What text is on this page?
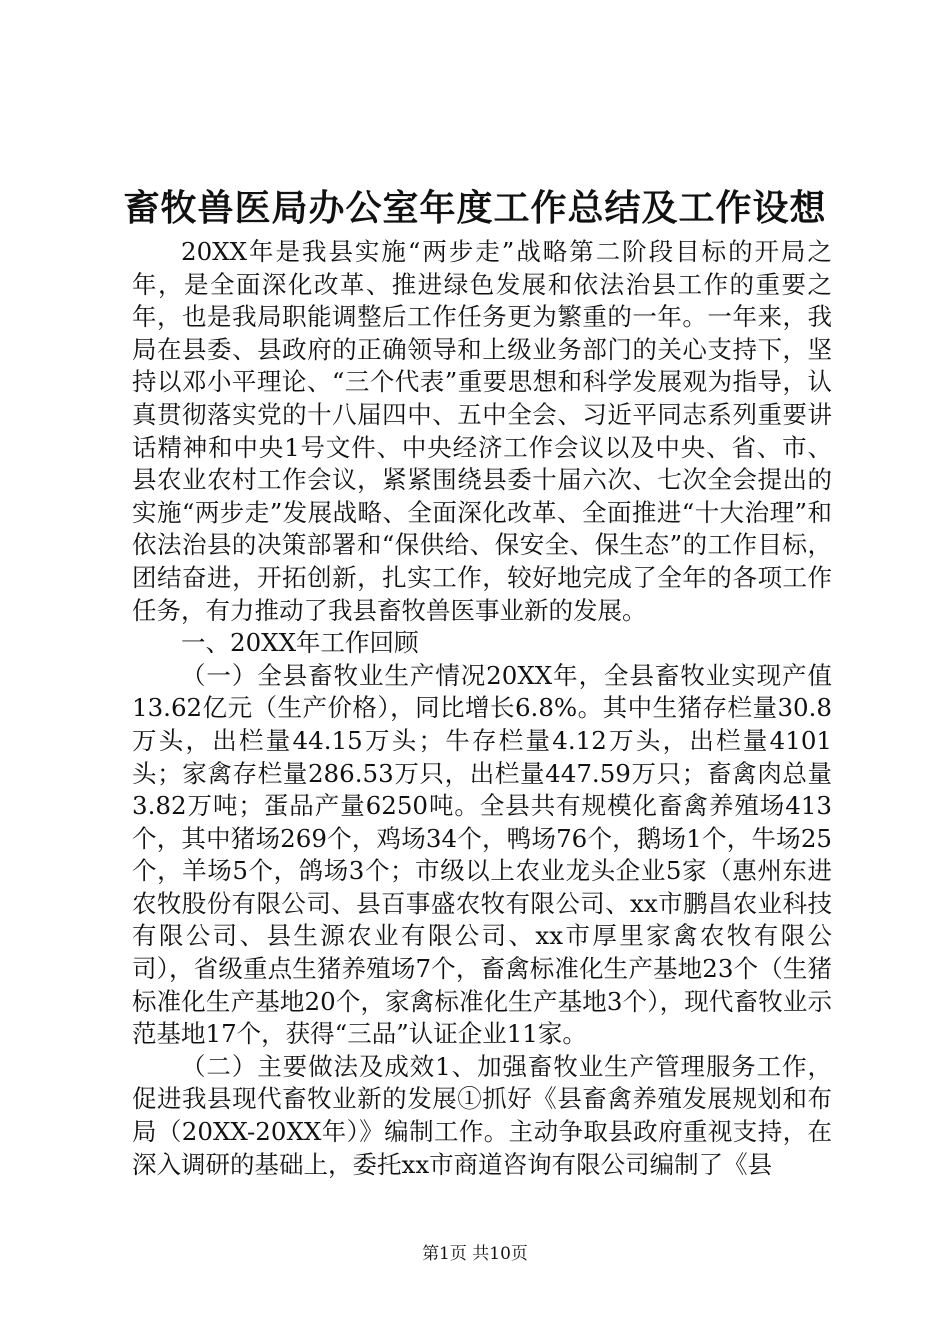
畜牧兽医局办公室年度工作总结及工作设想

20XX年是我县实施“两步走”战略第二阶段目标的开局之年，是全面深化改革、推进绿色发展和依法治县工作的重要之年，也是我局职能调整后工作任务更为繁重的一年。一年来，我局在县委、县政府的正确领导和上级业务部门的关心支持下，坚持以邓小平理论、“三个代表”重要思想和科学发展观为指导，认真贯彻落实党的十八届四中、五中全会、习近平同志系列重要讲话精神和中央1号文件、中央经济工作会议以及中央、省、市、县农业农村工作会议，紧紧围绕县委十届六次、七次全会提出的实施“两步走”发展战略、全面深化改革、全面推进“十大治理”和依法治县的决策部署和“保供给、保安全、保生态”的工作目标，团结奋进，开拓创新，扎实工作，较好地完成了全年的各项工作任务，有力推动了我县畜牧兽医事业新的发展。

一、20XX年工作回顾

（一）全县畜牧业生产情况20XX年，全县畜牧业实现产值13.62亿元（生产价格），同比增长6.8%。其中生猪存栏量30.8万头，出栏量44.15万头；牛存栏量4.12万头，出栏量4101头；家禽存栏量286.53万只，出栏量447.59万只；畜禽肉总量3.82万吨；蛋品产量6250吨。全县共有规模化畜禽养殖场413个，其中猪场269个，鸡场34个，鸭场76个，鹅场1个，牛场25个，羊场5个，鸽场3个；市级以上农业龙头企业5家（惠州东进农牧股份有限公司、县百事盛农牧有限公司、xx市鹏昌农业科技有限公司、县生源农业有限公司、xx市厚里家禽农牧有限公司），省级重点生猪养殖场7个，畜禽标准化生产基地23个（生猪标准化生产基地20个，家禽标准化生产基地3个），现代畜牧业示范基地17个，获得“三品”认证企业11家。

（二）主要做法及成效1、加强畜牧业生产管理服务工作，促进我县现代畜牧业新的发展①抓好《县畜禽养殖发展规划和布局（20XX-20XX年）》编制工作。主动争取县政府重视支持，在深入调研的基础上，委托xx市商道咨询有限公司编制了《县

第1页 共10页
